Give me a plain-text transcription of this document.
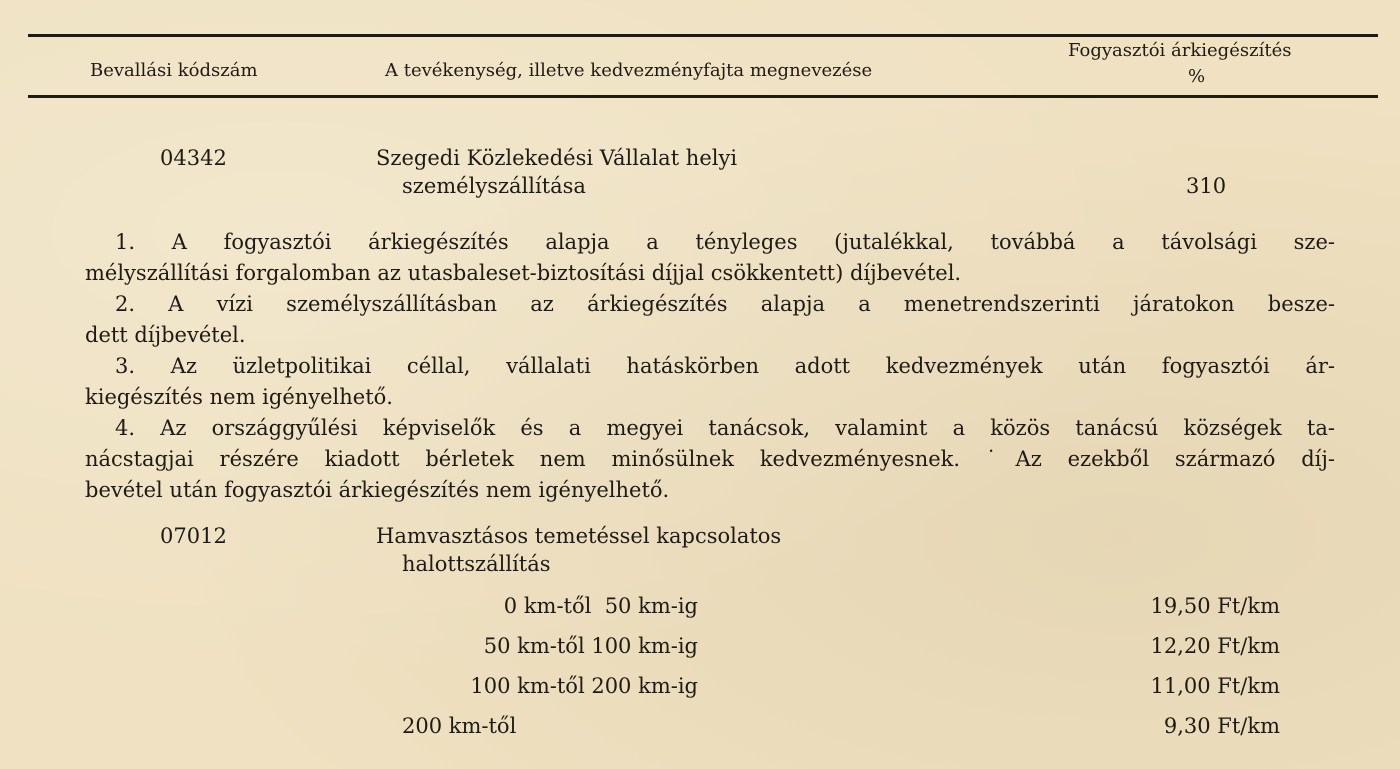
Bevallási kódszám	A tevékenység, illetve kedvezményfajta megnevezése
Fogyasztói árkiegészítés
%
04342	Szegedi Közlekedési Vállalat helyi
személyszállítása	310
1. A fogyasztói árkiegészítés alapja a tényleges (jutalékkal, továbbá a távolsági sze-
mélyszállítási forgalomban az utasbaleset-biztosítási díjjal csökkentett) díjbevétel.
2. A vízi személyszállításban az árkiegészítés alapja a menetrendszerinti járatokon beszе-
dett díjbevétel.
3. Az üzletpolitikai céllal, vállalati hatáskörben adott kedvezmények után fogyasztói ár-
kiegészítés nem igényelhető.
4. Az országgyűlési képviselők és a megyei tanácsok, valamint a közös tanácsú községek ta-
nácstagjai részére kiadott bérletek nem minősülnek kedvezményesnek. ˙Az ezekből származó díj-
bevétel után fogyasztói árkiegészítés nem igényelhető.
07012	Hamvasztásos temetéssel kapcsolatos
halottszállítás
0 km-től  50 km-ig	19,50 Ft/km
50 km-től 100 km-ig	12,20 Ft/km
100 km-től 200 km-ig	11,00 Ft/km
200 km-től	9,30 Ft/km
